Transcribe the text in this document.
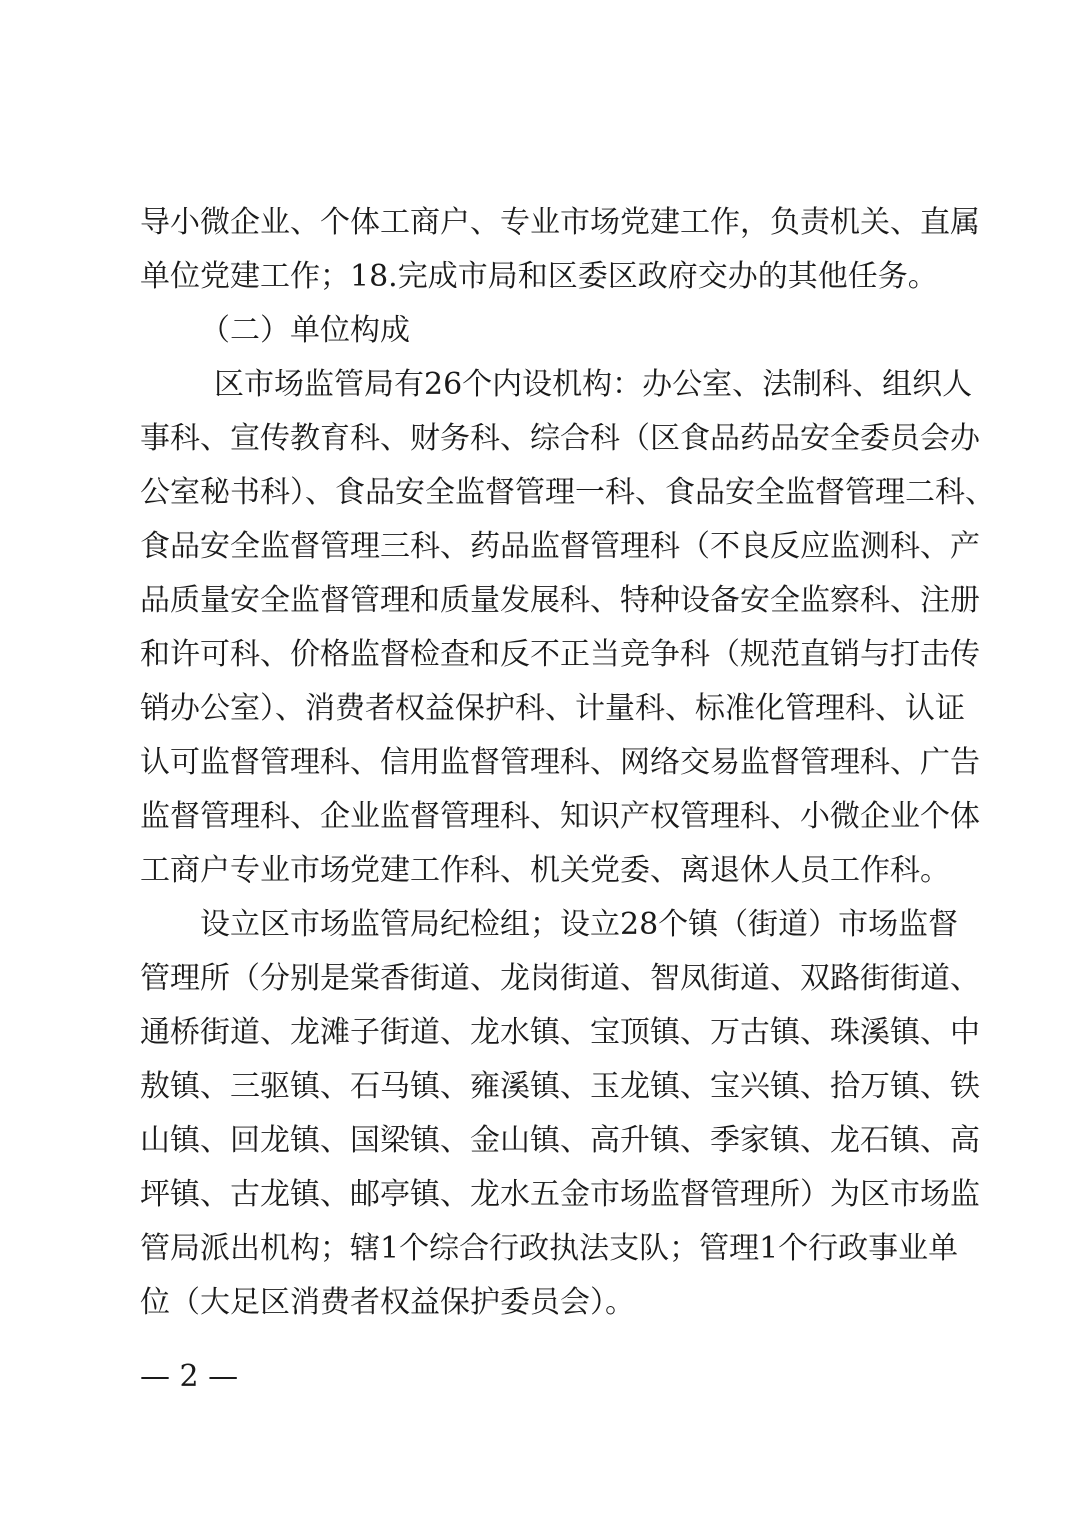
导小微企业、个体工商户、专业市场党建工作，负责机关、直属
单位党建工作；18.完成市局和区委区政府交办的其他任务。
（二）单位构成
区市场监管局有26个内设机构：办公室、法制科、组织人
事科、宣传教育科、财务科、综合科（区食品药品安全委员会办
公室秘书科）、食品安全监督管理一科、食品安全监督管理二科、
食品安全监督管理三科、药品监督管理科（不良反应监测科、产
品质量安全监督管理和质量发展科、特种设备安全监察科、注册
和许可科、价格监督检查和反不正当竞争科（规范直销与打击传
销办公室）、消费者权益保护科、计量科、标准化管理科、认证
认可监督管理科、信用监督管理科、网络交易监督管理科、广告
监督管理科、企业监督管理科、知识产权管理科、小微企业个体
工商户专业市场党建工作科、机关党委、离退休人员工作科。
设立区市场监管局纪检组；设立28个镇（街道）市场监督
管理所（分别是棠香街道、龙岗街道、智凤街道、双路街街道、
通桥街道、龙滩子街道、龙水镇、宝顶镇、万古镇、珠溪镇、中
敖镇、三驱镇、石马镇、雍溪镇、玉龙镇、宝兴镇、拾万镇、铁
山镇、回龙镇、国梁镇、金山镇、高升镇、季家镇、龙石镇、高
坪镇、古龙镇、邮亭镇、龙水五金市场监督管理所）为区市场监
管局派出机构；辖1个综合行政执法支队；管理1个行政事业单
位（大足区消费者权益保护委员会）。
— 2 —
